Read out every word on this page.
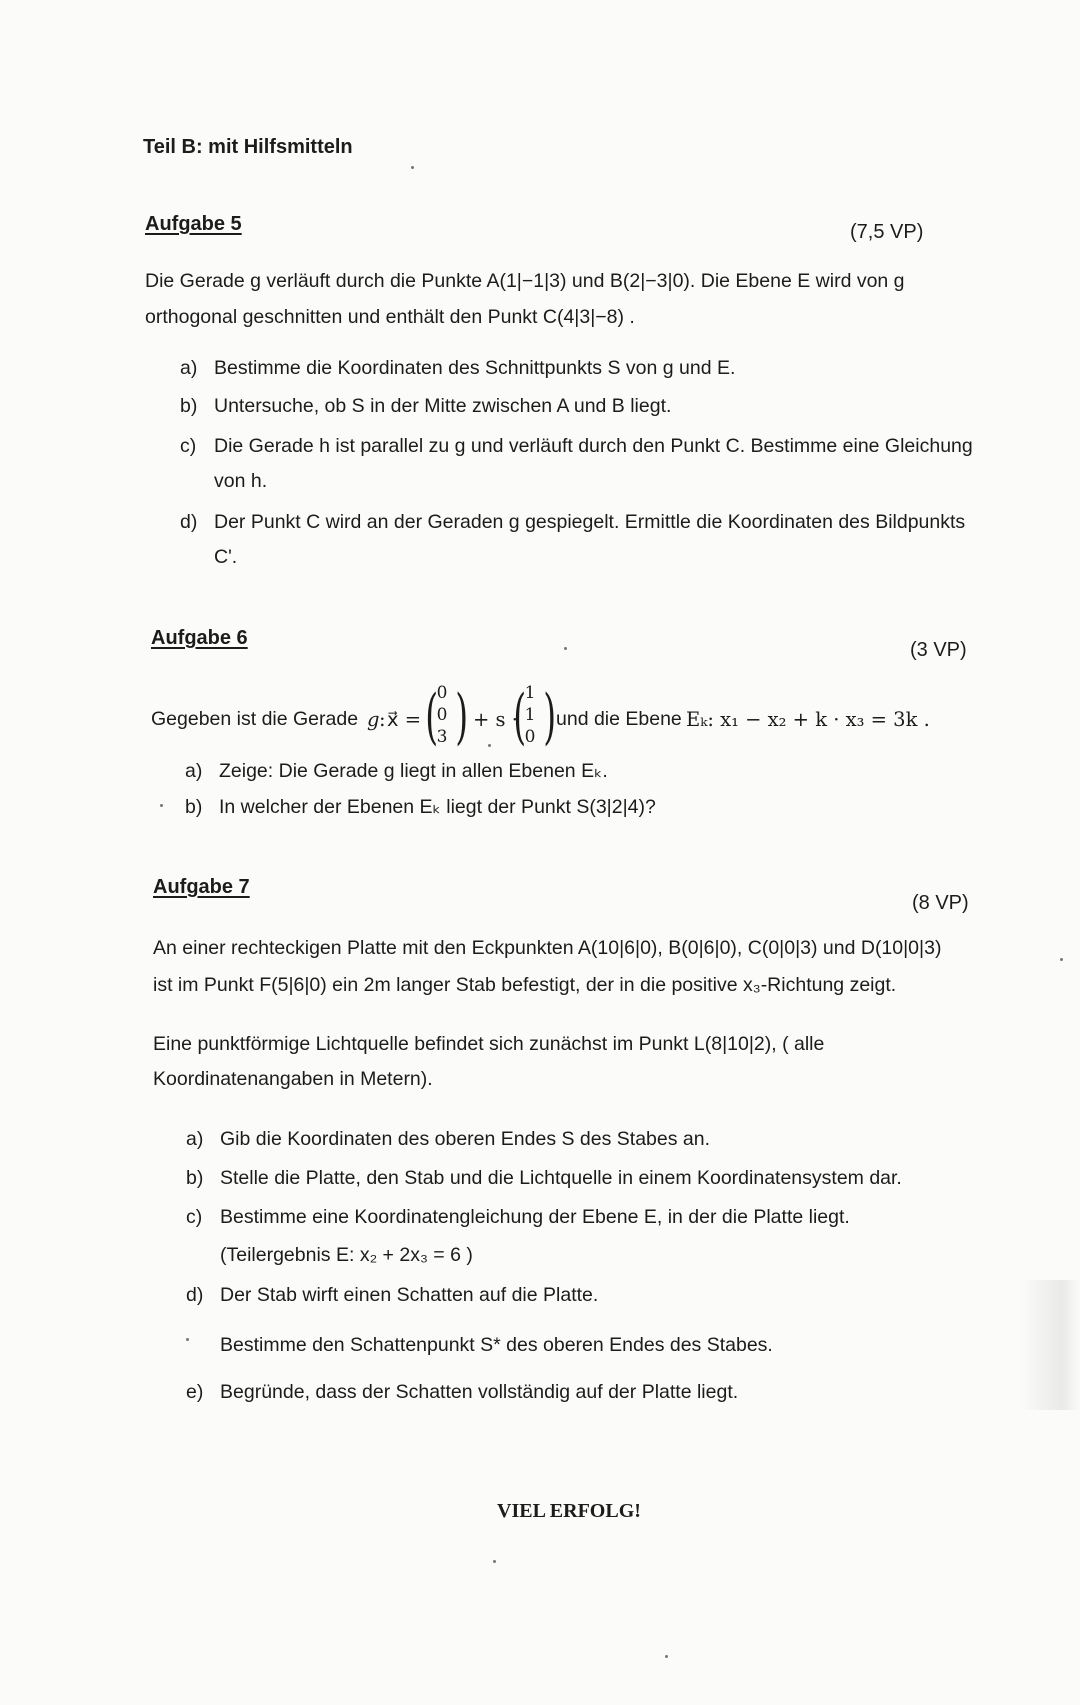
Teil B: mit Hilfsmitteln
Aufgabe 5	(7,5 VP)
Die Gerade g verläuft durch die Punkte A(1|−1|3) und B(2|−3|0). Die Ebene E wird von g
orthogonal geschnitten und enthält den Punkt C(4|3|−8) .
a) Bestimme die Koordinaten des Schnittpunkts S von g und E.
b) Untersuche, ob S in der Mitte zwischen A und B liegt.
c) Die Gerade h ist parallel zu g und verläuft durch den Punkt C. Bestimme eine Gleichung
von h.
d) Der Punkt C wird an der Geraden g gespiegelt. Ermittle die Koordinaten des Bildpunkts
C'.
Aufgabe 6
(3 VP)
Gegeben ist die Gerade g : x⃗ = (
0
0
3 ) + s ·
(
1
1
0 ) und die Ebene Eₖ: x₁ − x₂ + k · x₃ = 3k .
a) Zeige: Die Gerade g liegt in allen Ebenen Eₖ.
b) In welcher der Ebenen Eₖ liegt der Punkt S(3|2|4)?
Aufgabe 7
(8 VP)
An einer rechteckigen Platte mit den Eckpunkten A(10|6|0), B(0|6|0), C(0|0|3) und D(10|0|3)
ist im Punkt F(5|6|0) ein 2m langer Stab befestigt, der in die positive x₃-Richtung zeigt.
Eine punktförmige Lichtquelle befindet sich zunächst im Punkt L(8|10|2), ( alle
Koordinatenangaben in Metern).
a) Gib die Koordinaten des oberen Endes S des Stabes an.
b) Stelle die Platte, den Stab und die Lichtquelle in einem Koordinatensystem dar.
c) Bestimme eine Koordinatengleichung der Ebene E, in der die Platte liegt.
(Teilergebnis E: x₂ + 2x₃ = 6 )
d) Der Stab wirft einen Schatten auf die Platte.
Bestimme den Schattenpunkt S* des oberen Endes des Stabes.
e) Begründe, dass der Schatten vollständig auf der Platte liegt.
VIEL ERFOLG!
